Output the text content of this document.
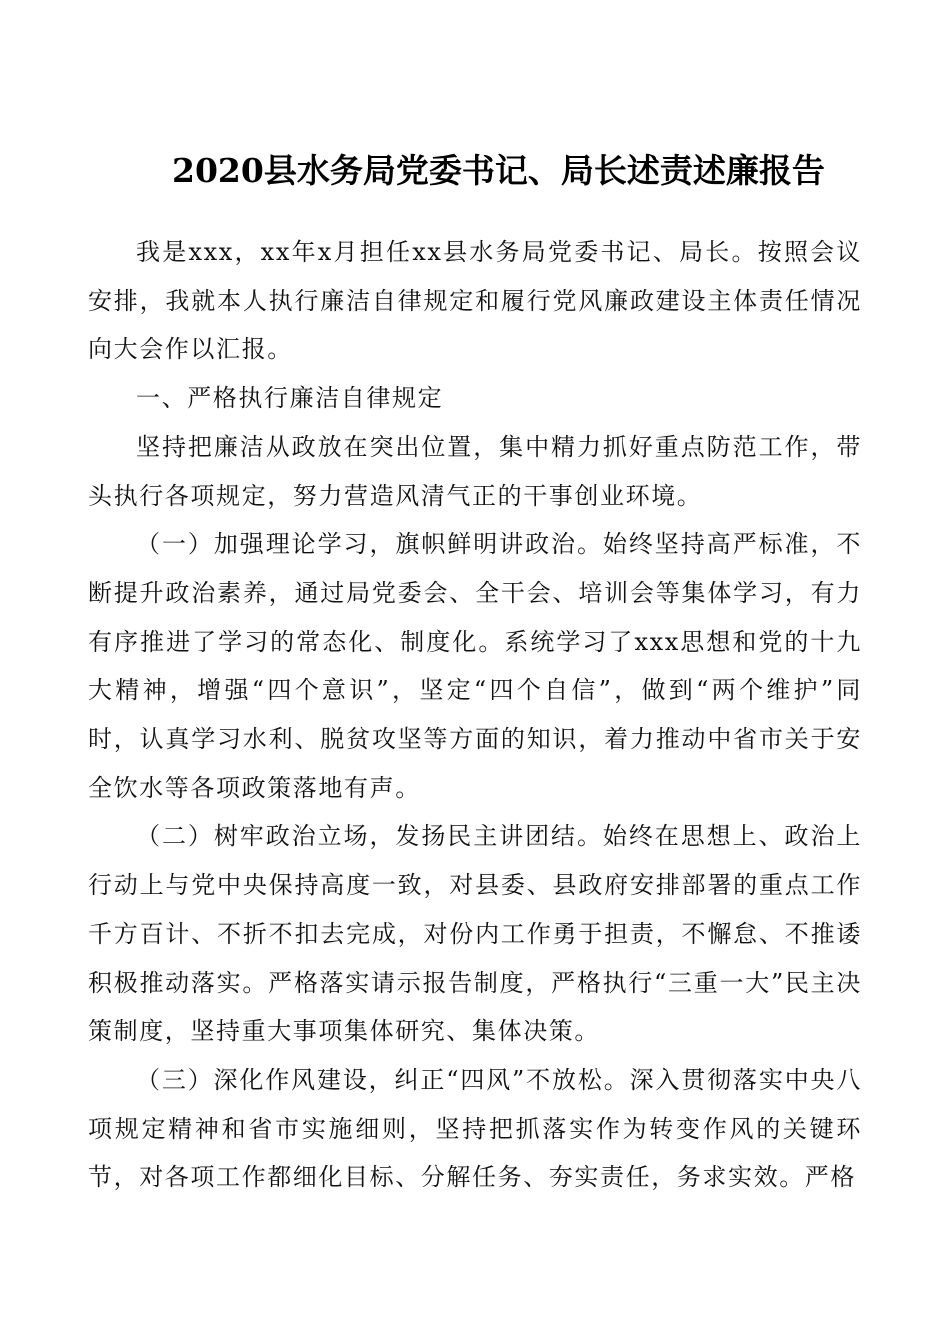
2020县水务局党委书记、局长述责述廉报告

我是xxx，xx年x月担任xx县水务局党委书记、局长。按照会议安排，我就本人执行廉洁自律规定和履行党风廉政建设主体责任情况向大会作以汇报。

一、严格执行廉洁自律规定

坚持把廉洁从政放在突出位置，集中精力抓好重点防范工作，带头执行各项规定，努力营造风清气正的干事创业环境。

（一）加强理论学习，旗帜鲜明讲政治。始终坚持高严标准，不断提升政治素养，通过局党委会、全干会、培训会等集体学习，有力有序推进了学习的常态化、制度化。系统学习了xxx思想和党的十九大精神，增强“四个意识”，坚定“四个自信”，做到“两个维护”同时，认真学习水利、脱贫攻坚等方面的知识，着力推动中省市关于安全饮水等各项政策落地有声。

（二）树牢政治立场，发扬民主讲团结。始终在思想上、政治上行动上与党中央保持高度一致，对县委、县政府安排部署的重点工作千方百计、不折不扣去完成，对份内工作勇于担责，不懈怠、不推诿积极推动落实。严格落实请示报告制度，严格执行“三重一大”民主决策制度，坚持重大事项集体研究、集体决策。

（三）深化作风建设，纠正“四风”不放松。深入贯彻落实中央八项规定精神和省市实施细则，坚持把抓落实作为转变作风的关键环节，对各项工作都细化目标、分解任务、夯实责任，务求实效。严格
